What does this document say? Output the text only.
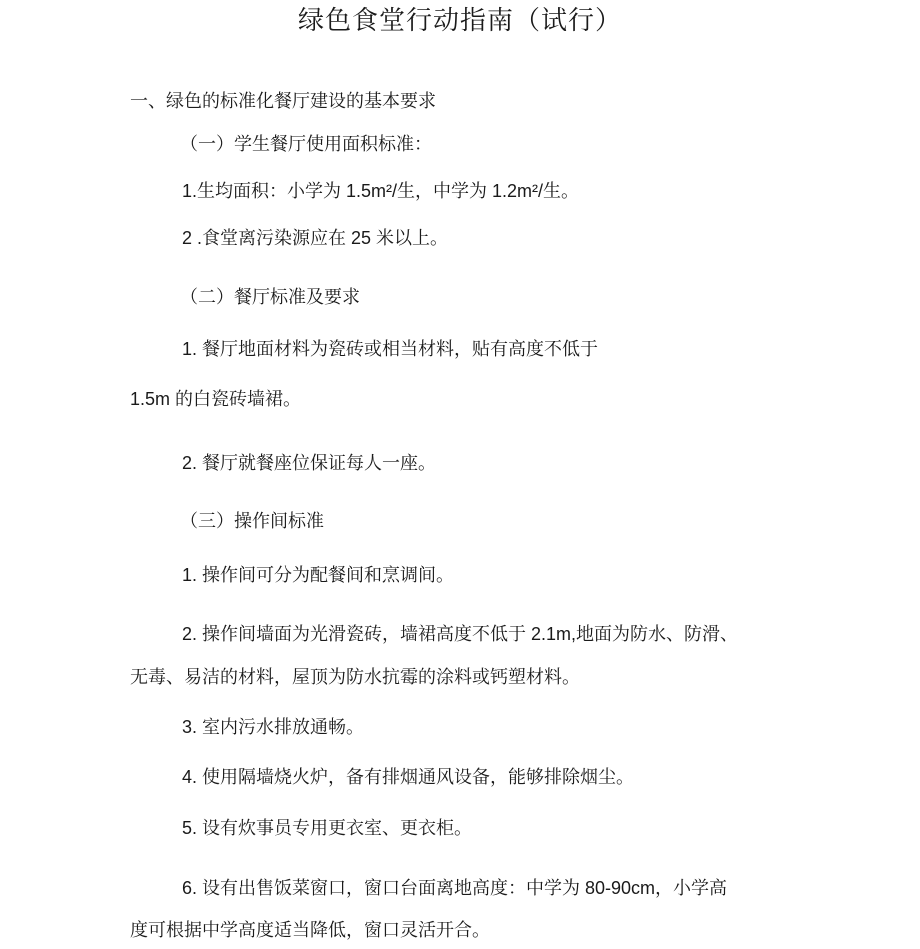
绿色食堂行动指南（试行）
一、绿色的标准化餐厅建设的基本要求
（一）学生餐厅使用面积标准：
1.生均面积：小学为 1.5m²/生，中学为 1.2m²/生。
2 .食堂离污染源应在 25 米以上。
（二）餐厅标准及要求
1. 餐厅地面材料为瓷砖或相当材料，贴有高度不低于
1.5m 的白瓷砖墙裙。
2. 餐厅就餐座位保证每人一座。
（三）操作间标准
1. 操作间可分为配餐间和烹调间。
2. 操作间墙面为光滑瓷砖，墙裙高度不低于 2.1m,地面为防水、防滑、
无毒、易洁的材料，屋顶为防水抗霉的涂料或钙塑材料。
3. 室内污水排放通畅。
4. 使用隔墙烧火炉，备有排烟通风设备，能够排除烟尘。
5. 设有炊事员专用更衣室、更衣柜。
6. 设有出售饭菜窗口，窗口台面离地高度：中学为 80-90cm，小学高
度可根据中学高度适当降低，窗口灵活开合。
